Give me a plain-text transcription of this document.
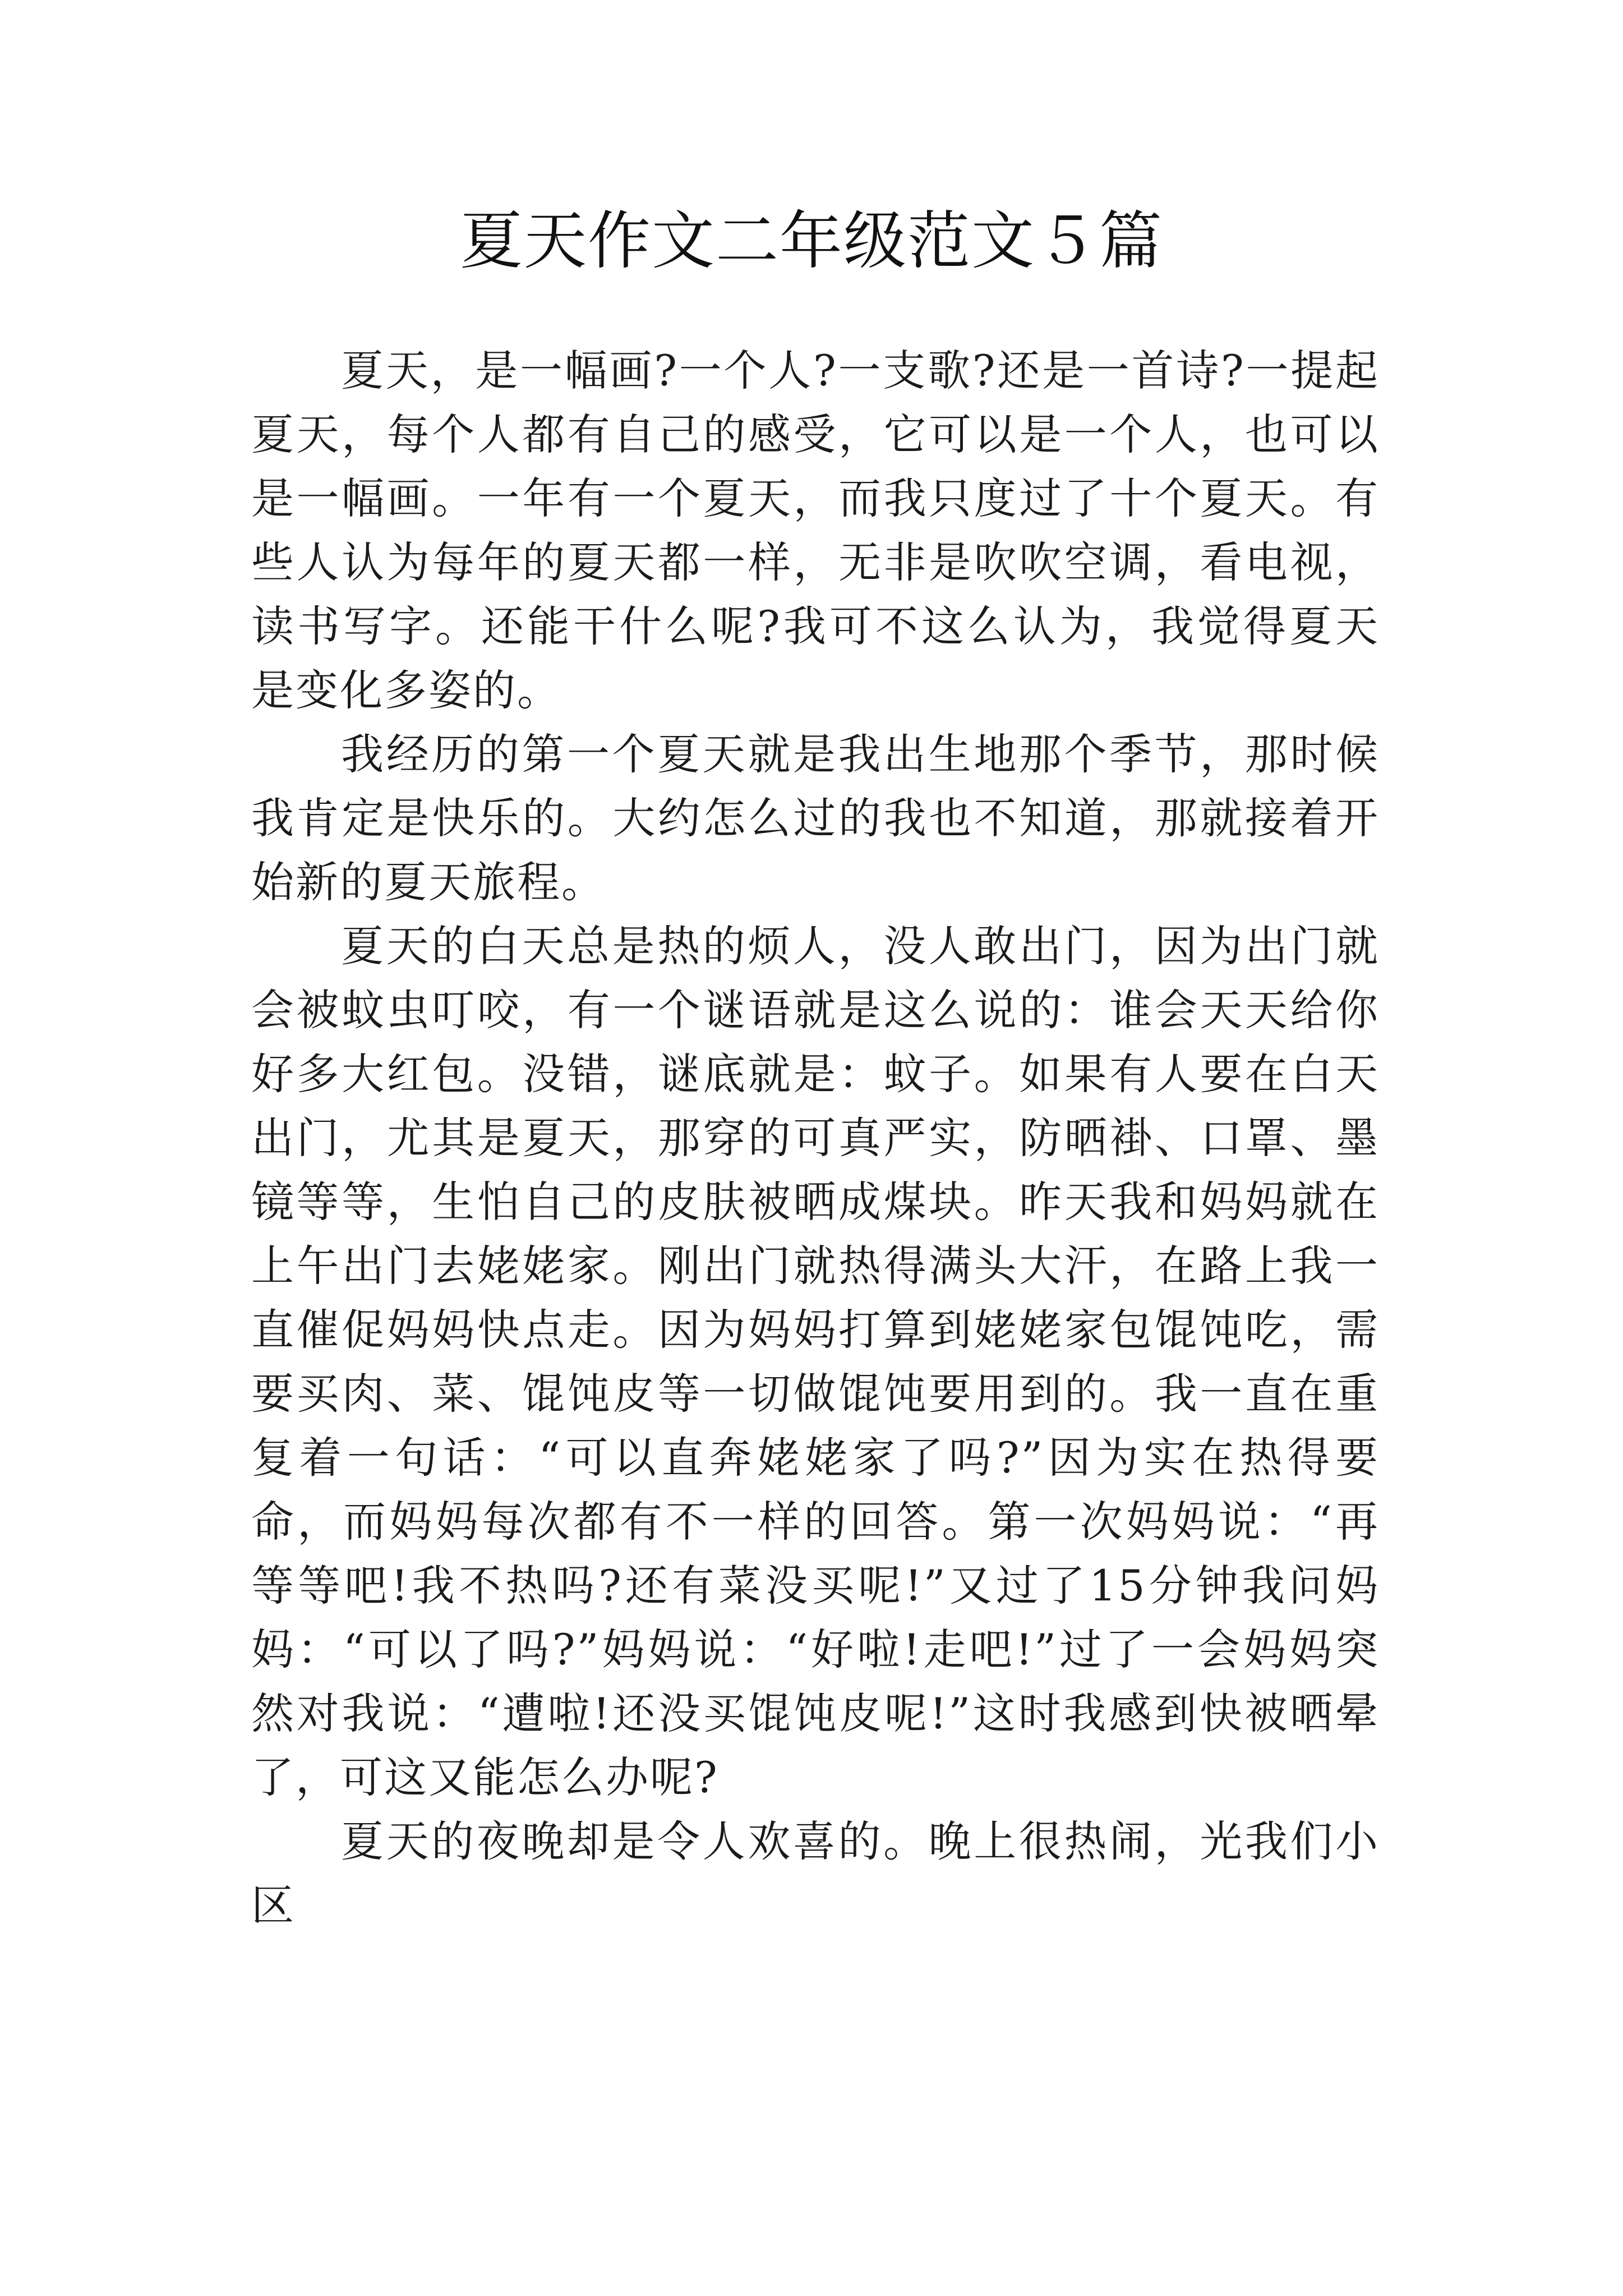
夏天作文二年级范文５篇

夏天，是一幅画?一个人?一支歌?还是一首诗?一提起夏天，每个人都有自己的感受，它可以是一个人，也可以是一幅画。一年有一个夏天，而我只度过了十个夏天。有些人认为每年的夏天都一样，无非是吹吹空调，看电视，读书写字。还能干什么呢?我可不这么认为，我觉得夏天是变化多姿的。

我经历的第一个夏天就是我出生地那个季节，那时候我肯定是快乐的。大约怎么过的我也不知道，那就接着开始新的夏天旅程。

夏天的白天总是热的烦人，没人敢出门，因为出门就会被蚊虫叮咬，有一个谜语就是这么说的：谁会天天给你好多大红包。没错，谜底就是：蚊子。如果有人要在白天出门，尤其是夏天，那穿的可真严实，防晒褂、口罩、墨镜等等，生怕自己的皮肤被晒成煤块。昨天我和妈妈就在上午出门去姥姥家。刚出门就热得满头大汗，在路上我一直催促妈妈快点走。因为妈妈打算到姥姥家包馄饨吃，需要买肉、菜、馄饨皮等一切做馄饨要用到的。我一直在重复着一句话：“可以直奔姥姥家了吗?”因为实在热得要命，而妈妈每次都有不一样的回答。第一次妈妈说：“再等等吧!我不热吗?还有菜没买呢!”又过了15分钟我问妈妈：“可以了吗?”妈妈说：“好啦!走吧!”过了一会妈妈突然对我说：“遭啦!还没买馄饨皮呢!”这时我感到快被晒晕了，可这又能怎么办呢?

夏天的夜晚却是令人欢喜的。晚上很热闹，光我们小区
